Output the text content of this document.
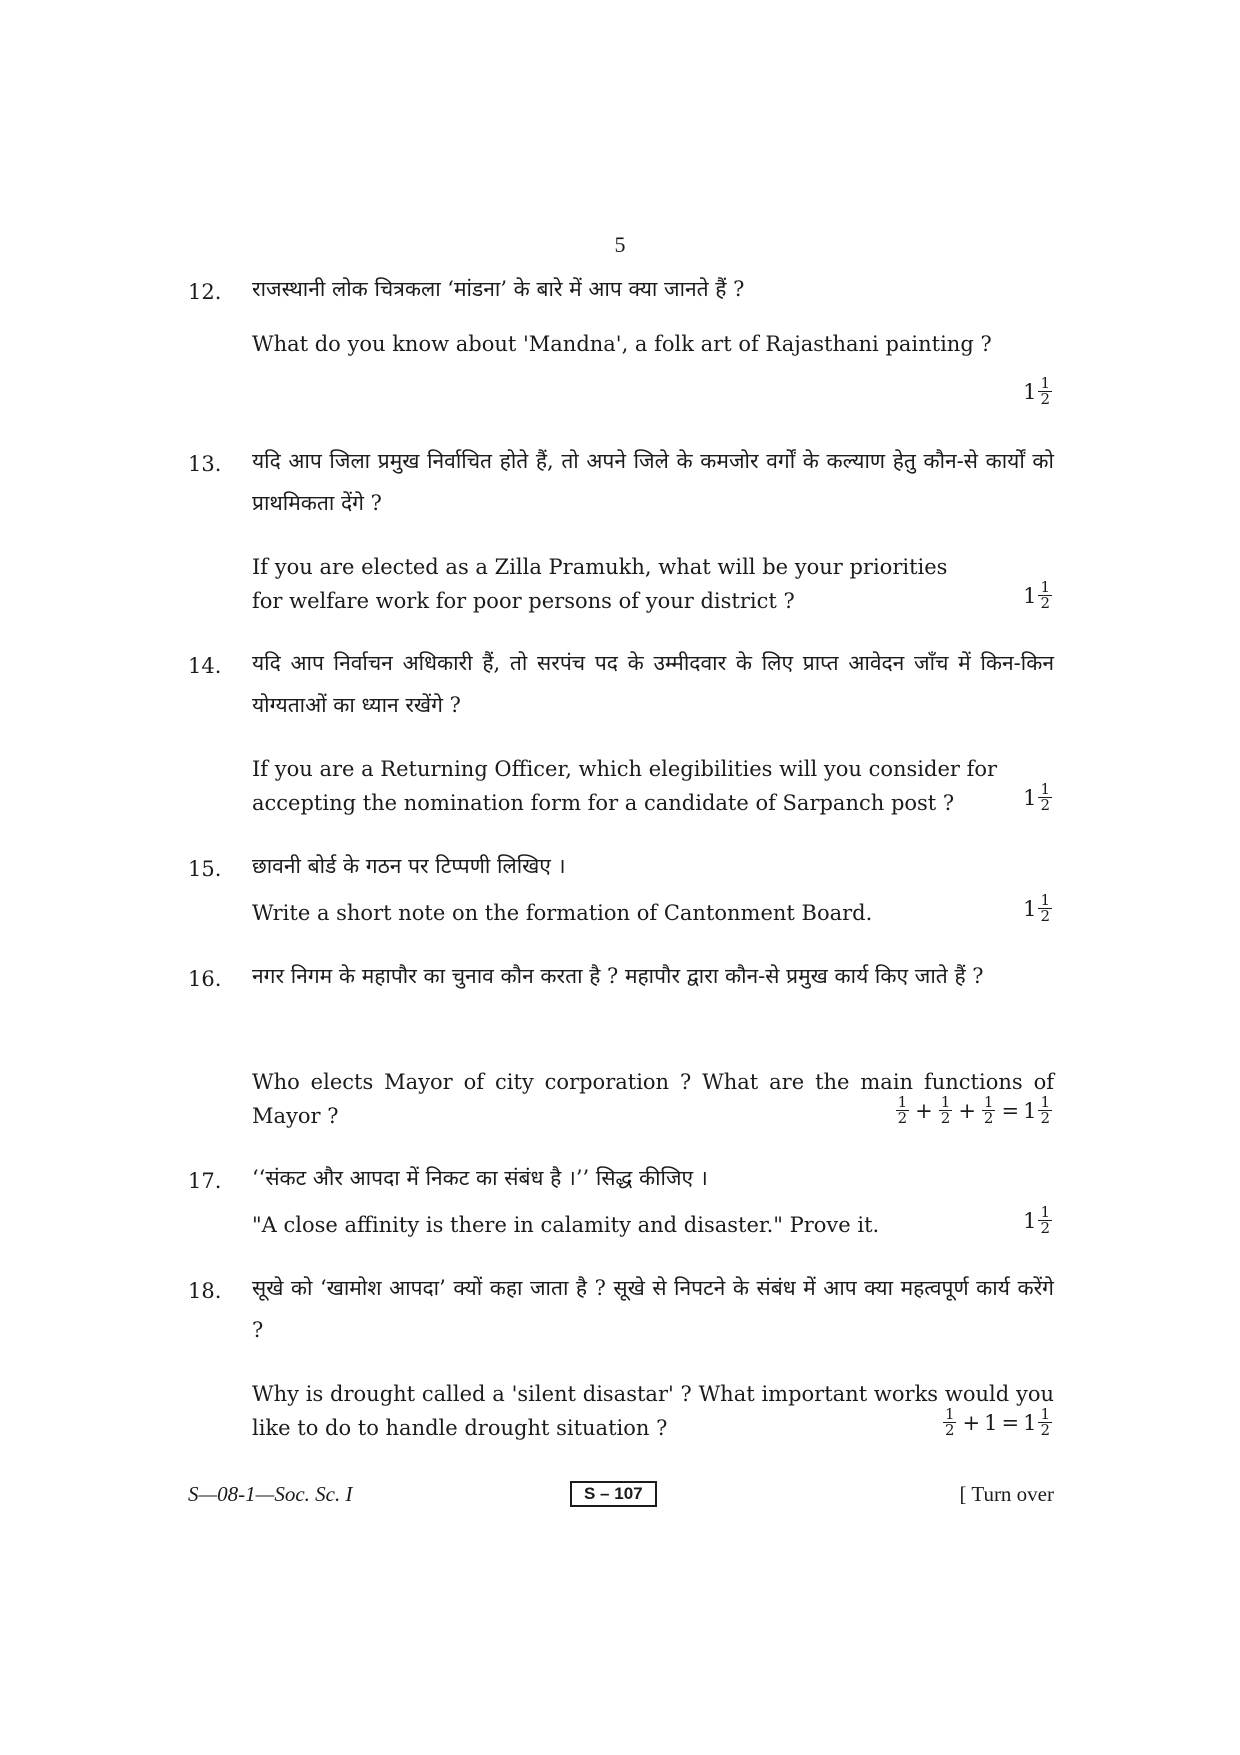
5
12. राजस्थानी लोक चित्रकला ‘मांडना’ के बारे में आप क्या जानते हैं ?
What do you know about 'Mandna', a folk art of Rajasthani painting ?
$1 \frac{1}{2}$
13. यदि आप जिला प्रमुख निर्वाचित होते हैं, तो अपने जिले के कमजोर वर्गों के कल्याण हेतु कौन-से कार्यों को प्राथमिकता देंगे ?
If you are elected as a Zilla Pramukh, what will be your priorities for welfare work for poor persons of your district ?	$1 \frac{1}{2}$
14. यदि आप निर्वाचन अधिकारी हैं, तो सरपंच पद के उम्मीदवार के लिए प्राप्त आवेदन जाँच में किन-किन योग्यताओं का ध्यान रखेंगे ?
If you are a Returning Officer, which elegibilities will you consider for accepting the nomination form for a candidate of Sarpanch post ?	$1 \frac{1}{2}$
15. छावनी बोर्ड के गठन पर टिप्पणी लिखिए ।
Write a short note on the formation of Cantonment Board.	$1 \frac{1}{2}$
16. नगर निगम के महापौर का चुनाव कौन करता है ? महापौर द्वारा कौन-से प्रमुख कार्य किए जाते हैं ?
Who elects Mayor of city corporation ? What are the main functions of Mayor ?	$\frac{1}{2} + \frac{1}{2} + \frac{1}{2} = 1 \frac{1}{2}$
17. ‘‘संकट और आपदा में निकट का संबंध है ।’’ सिद्ध कीजिए ।
"A close affinity is there in calamity and disaster." Prove it.	$1 \frac{1}{2}$
18. सूखे को ‘खामोश आपदा’ क्यों कहा जाता है ? सूखे से निपटने के संबंध में आप क्या महत्वपूर्ण कार्य करेंगे ?
Why is drought called a 'silent disastar' ? What important works would you like to do to handle drought situation ?	$\frac{1}{2} + 1 = 1 \frac{1}{2}$
S—08-1—Soc. Sc. I	S – 107	[ Turn over
